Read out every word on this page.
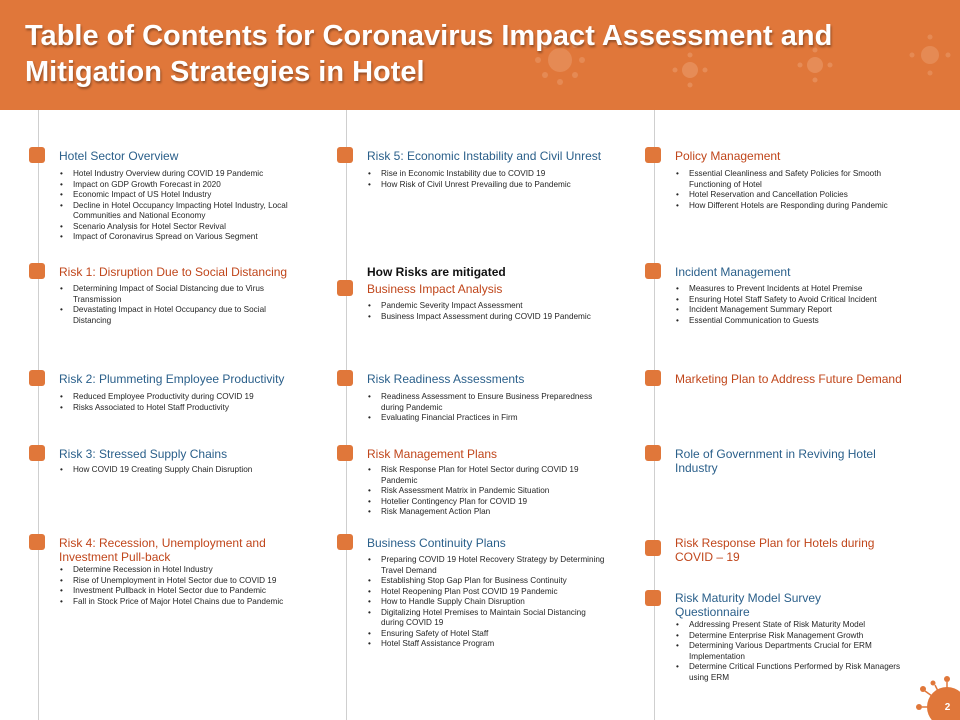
Table of Contents for Coronavirus Impact Assessment and Mitigation Strategies in Hotel
Hotel Sector Overview
• Hotel Industry Overview during COVID 19 Pandemic
• Impact on GDP Growth Forecast in 2020
• Economic Impact of US Hotel Industry
• Decline in Hotel Occupancy Impacting Hotel Industry, Local Communities and National Economy
• Scenario Analysis for Hotel Sector Revival
• Impact of Coronavirus Spread on Various Segment
Risk 1: Disruption Due to Social Distancing
• Determining Impact of Social Distancing due to Virus Transmission
• Devastating Impact in Hotel Occupancy due to Social Distancing
Risk 2: Plummeting Employee Productivity
• Reduced Employee Productivity during COVID 19
• Risks Associated to Hotel Staff Productivity
Risk 3: Stressed Supply Chains
• How COVID 19 Creating Supply Chain Disruption
Risk 4: Recession, Unemployment and Investment Pull-back
• Determine Recession in Hotel Industry
• Rise of Unemployment in Hotel Sector due to COVID 19
• Investment Pullback in Hotel Sector due to Pandemic
• Fall in Stock Price of Major Hotel Chains due to Pandemic
Risk 5: Economic Instability and Civil Unrest
• Rise in Economic Instability due to COVID 19
• How Risk of Civil Unrest Prevailing due to Pandemic
How Risks are mitigated
Business Impact Analysis
• Pandemic Severity Impact Assessment
• Business Impact Assessment during COVID 19 Pandemic
Risk Readiness Assessments
• Readiness Assessment to Ensure Business Preparedness during Pandemic
• Evaluating Financial Practices in Firm
Risk Management Plans
• Risk Response Plan for Hotel Sector during COVID 19 Pandemic
• Risk Assessment Matrix in Pandemic Situation
• Hotelier Contingency Plan for COVID 19
• Risk Management Action Plan
Business Continuity Plans
• Preparing COVID 19 Hotel Recovery Strategy by Determining Travel Demand
• Establishing Stop Gap Plan for Business Continuity
• Hotel Reopening Plan Post COVID 19 Pandemic
• How to Handle Supply Chain Disruption
• Digitalizing Hotel Premises to Maintain Social Distancing during COVID 19
• Ensuring Safety of Hotel Staff
• Hotel Staff Assistance Program
Policy Management
• Essential Cleanliness and Safety Policies for Smooth Functioning of Hotel
• Hotel Reservation and Cancellation Policies
• How Different Hotels are Responding during Pandemic
Incident Management
• Measures to Prevent Incidents at Hotel Premise
• Ensuring Hotel Staff Safety to Avoid Critical Incident
• Incident Management Summary Report
• Essential Communication to Guests
Marketing Plan to Address Future Demand
Role of Government in Reviving Hotel Industry
Risk Response Plan for Hotels during COVID – 19
Risk Maturity Model Survey Questionnaire
• Addressing Present State of Risk Maturity Model
• Determine Enterprise Risk Management Growth
• Determining Various Departments Crucial for ERM Implementation
• Determine Critical Functions Performed by Risk Managers using ERM
2
